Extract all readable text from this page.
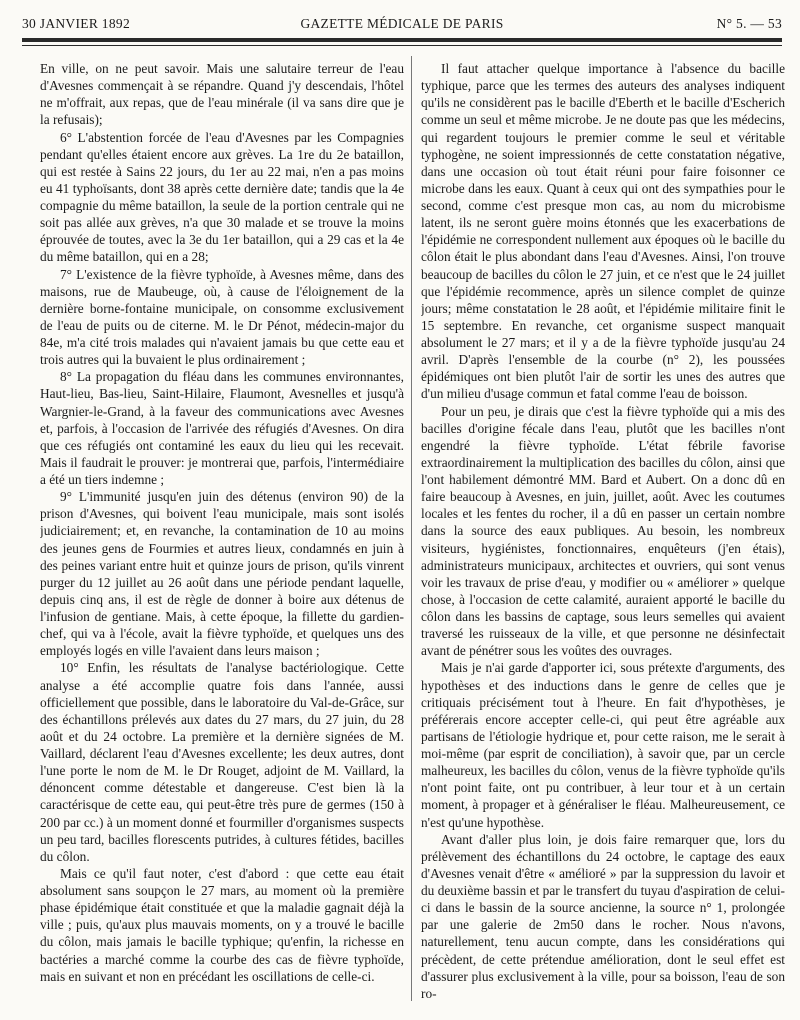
30 JANVIER 1892	GAZETTE MÉDICALE DE PARIS	N° 5. — 53

En ville, on ne peut savoir. Mais une salutaire terreur de l'eau d'Avesnes commençait à se répandre. Quand j'y descendais, l'hôtel ne m'offrait, aux repas, que de l'eau minérale (il va sans dire que je la refusais);

6° L'abstention forcée de l'eau d'Avesnes par les Compagnies pendant qu'elles étaient encore aux grèves. La 1re du 2e bataillon, qui est restée à Sains 22 jours, du 1er au 22 mai, n'en a pas moins eu 41 typhoïsants, dont 38 après cette dernière date; tandis que la 4e compagnie du même bataillon, la seule de la portion centrale qui ne soit pas allée aux grèves, n'a que 30 malade et se trouve la moins éprouvée de toutes, avec la 3e du 1er bataillon, qui a 29 cas et la 4e du même bataillon, qui en a 28;

7° L'existence de la fièvre typhoïde, à Avesnes même, dans des maisons, rue de Maubeuge, où, à cause de l'éloignement de la dernière borne-fontaine municipale, on consomme exclusivement de l'eau de puits ou de citerne. M. le Dr Pénot, médecin-major du 84e, m'a cité trois malades qui n'avaient jamais bu que cette eau et trois autres qui la buvaient le plus ordinairement ;

8° La propagation du fléau dans les communes environnantes, Haut-lieu, Bas-lieu, Saint-Hilaire, Flaumont, Avesnelles et jusqu'à Wargnier-le-Grand, à la faveur des communications avec Avesnes et, parfois, à l'occasion de l'arrivée des réfugiés d'Avesnes. On dira que ces réfugiés ont contaminé les eaux du lieu qui les recevait. Mais il faudrait le prouver: je montrerai que, parfois, l'intermédiaire a été un tiers indemne ;

9° L'immunité jusqu'en juin des détenus (environ 90) de la prison d'Avesnes, qui boivent l'eau municipale, mais sont isolés judiciairement; et, en revanche, la contamination de 10 au moins des jeunes gens de Fourmies et autres lieux, condamnés en juin à des peines variant entre huit et quinze jours de prison, qu'ils vinrent purger du 12 juillet au 26 août dans une période pendant laquelle, depuis cinq ans, il est de règle de donner à boire aux détenus de l'infusion de gentiane. Mais, à cette époque, la fillette du gardien-chef, qui va à l'école, avait la fièvre typhoïde, et quelques uns des employés logés en ville l'avaient dans leurs maison ;

10° Enfin, les résultats de l'analyse bactériologique. Cette analyse a été accomplie quatre fois dans l'année, aussi officiellement que possible, dans le laboratoire du Val-de-Grâce, sur des échantillons prélevés aux dates du 27 mars, du 27 juin, du 28 août et du 24 octobre. La première et la dernière signées de M. Vaillard, déclarent l'eau d'Avesnes excellente; les deux autres, dont l'une porte le nom de M. le Dr Rouget, adjoint de M. Vaillard, la dénoncent comme détestable et dangereuse. C'est bien là la caractérisque de cette eau, qui peut-être très pure de germes (150 à 200 par cc.) à un moment donné et fourmiller d'organismes suspects un peu tard, bacilles florescents putrides, à cultures fétides, bacilles du côlon.

Mais ce qu'il faut noter, c'est d'abord : que cette eau était absolument sans soupçon le 27 mars, au moment où la première phase épidémique était constituée et que la maladie gagnait déjà la ville ; puis, qu'aux plus mauvais moments, on y a trouvé le bacille du côlon, mais jamais le bacille typhique; qu'enfin, la richesse en bactéries a marché comme la courbe des cas de fièvre typhoïde, mais en suivant et non en précédant les oscillations de celle-ci.

Il faut attacher quelque importance à l'absence du bacille typhique, parce que les termes des auteurs des analyses indiquent qu'ils ne considèrent pas le bacille d'Eberth et le bacille d'Escherich comme un seul et même microbe. Je ne doute pas que les médecins, qui regardent toujours le premier comme le seul et véritable typhogène, ne soient impressionnés de cette constatation négative, dans une occasion où tout était réuni pour faire foisonner ce microbe dans les eaux. Quant à ceux qui ont des sympathies pour le second, comme c'est presque mon cas, au nom du microbisme latent, ils ne seront guère moins étonnés que les exacerbations de l'épidémie ne correspondent nullement aux époques où le bacille du côlon était le plus abondant dans l'eau d'Avesnes. Ainsi, l'on trouve beaucoup de bacilles du côlon le 27 juin, et ce n'est que le 24 juillet que l'épidémie recommence, après un silence complet de quinze jours; même constatation le 28 août, et l'épidémie militaire finit le 15 septembre. En revanche, cet organisme suspect manquait absolument le 27 mars; et il y a de la fièvre typhoïde jusqu'au 24 avril. D'après l'ensemble de la courbe (n° 2), les poussées épidémiques ont bien plutôt l'air de sortir les unes des autres que d'un milieu d'usage commun et fatal comme l'eau de boisson.

Pour un peu, je dirais que c'est la fièvre typhoïde qui a mis des bacilles d'origine fécale dans l'eau, plutôt que les bacilles n'ont engendré la fièvre typhoïde. L'état fébrile favorise extraordinairement la multiplication des bacilles du côlon, ainsi que l'ont habilement démontré MM. Bard et Aubert. On a donc dû en faire beaucoup à Avesnes, en juin, juillet, août. Avec les coutumes locales et les fentes du rocher, il a dû en passer un certain nombre dans la source des eaux publiques. Au besoin, les nombreux visiteurs, hygiénistes, fonctionnaires, enquêteurs (j'en étais), administrateurs municipaux, architectes et ouvriers, qui sont venus voir les travaux de prise d'eau, y modifier ou « améliorer » quelque chose, à l'occasion de cette calamité, auraient apporté le bacille du côlon dans les bassins de captage, sous leurs semelles qui avaient traversé les ruisseaux de la ville, et que personne ne désinfectait avant de pénétrer sous les voûtes des ouvrages.

Mais je n'ai garde d'apporter ici, sous prétexte d'arguments, des hypothèses et des inductions dans le genre de celles que je critiquais précisément tout à l'heure. En fait d'hypothèses, je préférerais encore accepter celle-ci, qui peut être agréable aux partisans de l'étiologie hydrique et, pour cette raison, me le serait à moi-même (par esprit de conciliation), à savoir que, par un cercle malheureux, les bacilles du côlon, venus de la fièvre typhoïde qu'ils n'ont point faite, ont pu contribuer, à leur tour et à un certain moment, à propager et à généraliser le fléau. Malheureusement, ce n'est qu'une hypothèse.

Avant d'aller plus loin, je dois faire remarquer que, lors du prélèvement des échantillons du 24 octobre, le captage des eaux d'Avesnes venait d'être « amélioré » par la suppression du lavoir et du deuxième bassin et par le transfert du tuyau d'aspiration de celui-ci dans le bassin de la source ancienne, la source n° 1, prolongée par une galerie de 2m50 dans le rocher. Nous n'avons, naturellement, tenu aucun compte, dans les considérations qui précèdent, de cette prétendue amélioration, dont le seul effet est d'assurer plus exclusivement à la ville, pour sa boisson, l'eau de son ro-
